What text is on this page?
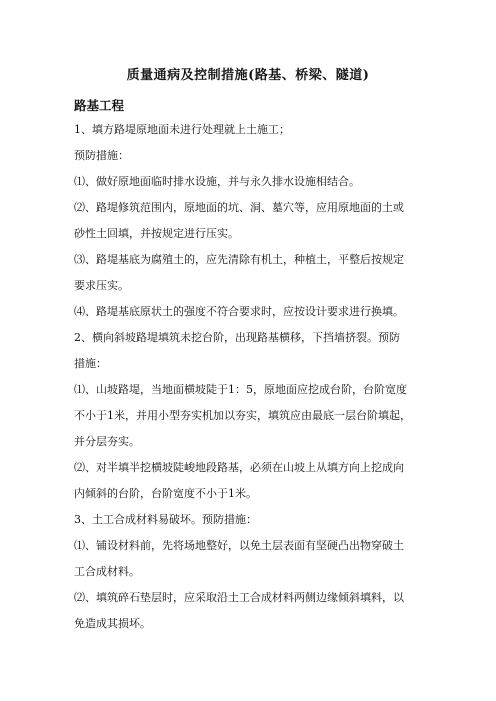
质量通病及控制措施(路基、桥梁、隧道)
路基工程
1、填方路堤原地面未进行处理就上土施工；
预防措施：
⑴、做好原地面临时排水设施，并与永久排水设施相结合。
⑵、路堤修筑范围内，原地面的坑、洞、墓穴等，应用原地面的土或
砂性土回填，并按规定进行压实。
⑶、路堤基底为腐殖土的，应先清除有机土，种植土，平整后按规定
要求压实。
⑷、路堤基底原状土的强度不符合要求时，应按设计要求进行换填。
2、横向斜坡路堤填筑未挖台阶，出现路基横移，下挡墙挤裂。预防
措施：
⑴、山坡路堤，当地面横坡陡于1：5，原地面应挖成台阶，台阶宽度
不小于1米，并用小型夯实机加以夯实，填筑应由最底一层台阶填起，
并分层夯实。
⑵、对半填半挖横坡陡峻地段路基，必须在山坡上从填方向上挖成向
内倾斜的台阶，台阶宽度不小于1米。
3、土工合成材料易破坏。预防措施：
⑴、铺设材料前，先将场地整好，以免土层表面有坚硬凸出物穿破土
工合成材料。
⑵、填筑碎石垫层时，应采取沿土工合成材料两侧边缘倾斜填料，以
免造成其损坏。
